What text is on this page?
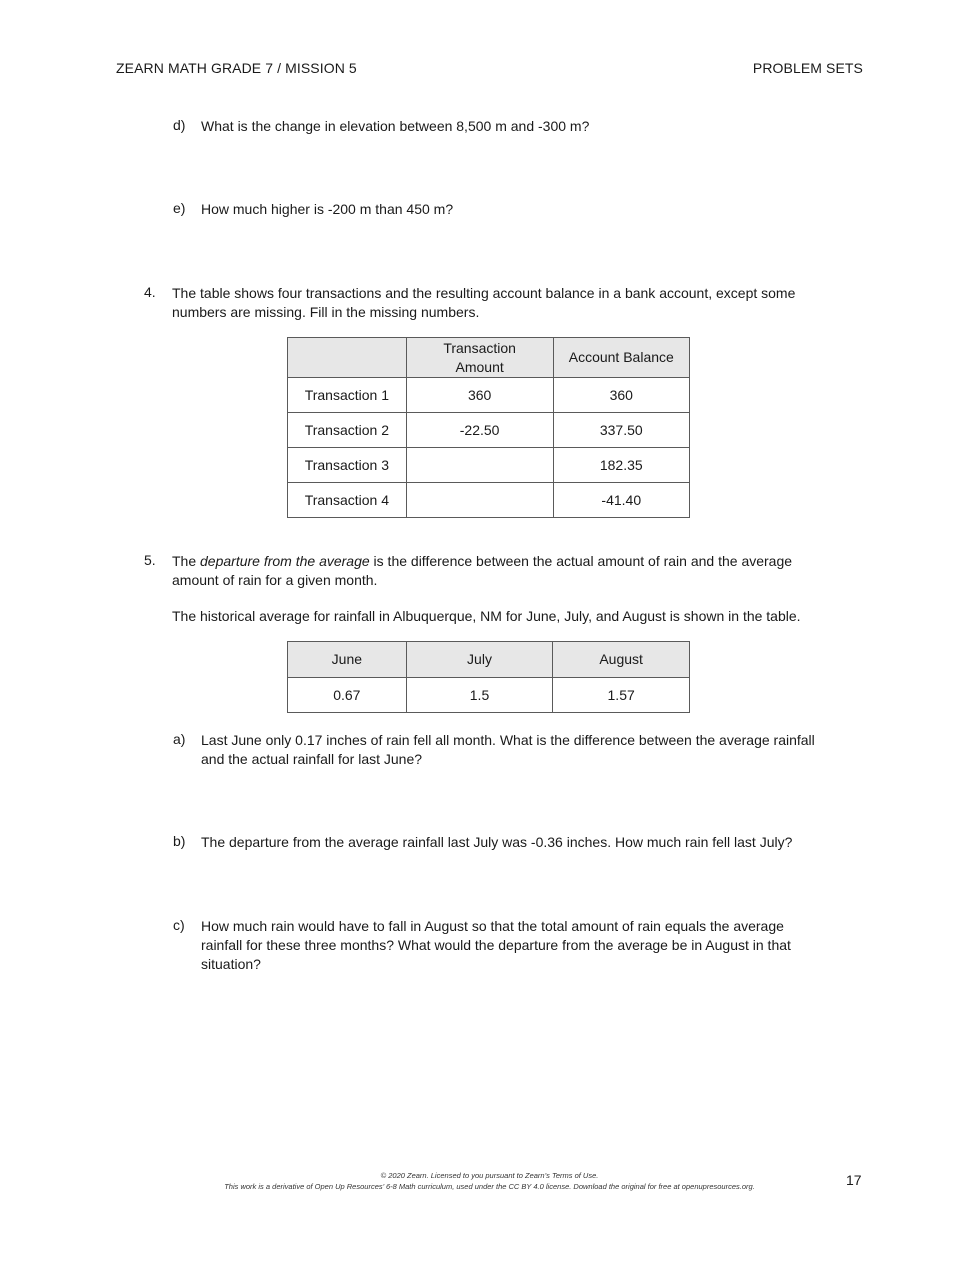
ZEARN MATH GRADE 7 / MISSION 5	PROBLEM SETS
d) What is the change in elevation between 8,500 m and -300 m?
e) How much higher is -200 m than 450 m?
4. The table shows four transactions and the resulting account balance in a bank account, except some
numbers are missing. Fill in the missing numbers.
	Transaction Amount	Account Balance
Transaction 1	360	360
Transaction 2	-22.50	337.50
Transaction 3		182.35
Transaction 4		-41.40
5. The departure from the average is the difference between the actual amount of rain and the average
amount of rain for a given month.
The historical average for rainfall in Albuquerque, NM for June, July, and August is shown in the table.
June	July	August
0.67	1.5	1.57
a) Last June only 0.17 inches of rain fell all month. What is the difference between the average rainfall
and the actual rainfall for last June?
b) The departure from the average rainfall last July was -0.36 inches. How much rain fell last July?
c) How much rain would have to fall in August so that the total amount of rain equals the average
rainfall for these three months? What would the departure from the average be in August in that
situation?
© 2020 Zearn. Licensed to you pursuant to Zearn’s Terms of Use.
This work is a derivative of Open Up Resources’ 6-8 Math curriculum, used under the CC BY 4.0 license. Download the original for free at openupresources.org.	17
